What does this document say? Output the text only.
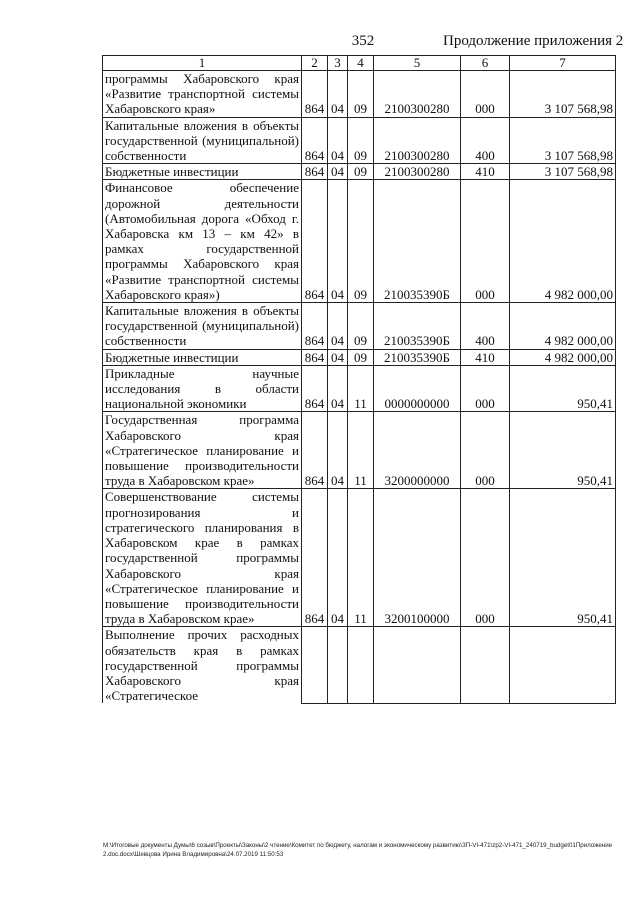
352	Продолжение приложения 2
1	2	3	4	5	6	7
программы Хабаровского края «Развитие транспортной системы Хабаровского края»	864	04	09	2100300280	000	3 107 568,98
Капитальные вложения в объекты государственной (муниципальной) собственности	864	04	09	2100300280	400	3 107 568,98
Бюджетные инвестиции	864	04	09	2100300280	410	3 107 568,98
Финансовое обеспечение дорожной деятельности (Автомобильная дорога «Обход г. Хабаровска км 13 – км 42» в рамках государственной программы Хабаровского края «Развитие транспортной системы Хабаровского края»)	864	04	09	210035390Б	000	4 982 000,00
Капитальные вложения в объекты государственной (муниципальной) собственности	864	04	09	210035390Б	400	4 982 000,00
Бюджетные инвестиции	864	04	09	210035390Б	410	4 982 000,00
Прикладные научные исследования в области национальной экономики	864	04	11	0000000000	000	950,41
Государственная программа Хабаровского края «Стратегическое планирование и повышение производительности труда в Хабаровском крае»	864	04	11	3200000000	000	950,41
Совершенствование системы прогнозирования и стратегического планирования в Хабаровском крае в рамках государственной программы Хабаровского края «Стратегическое планирование и повышение производительности труда в Хабаровском крае»	864	04	11	3200100000	000	950,41
Выполнение прочих расходных обязательств края в рамках государственной программы Хабаровского края «Стратегическое						
M:\Итоговые документы Думы\6 созыв\Проекты\Законы\2 чтение\Комитет по бюджету, налогам и экономическому развитию\ЗП-VI-471\zp2-VI-471_240719_budget01Приложение 2.doc.docx\Шевцова Ирина Владимировна\24.07.2019 11:50:53
